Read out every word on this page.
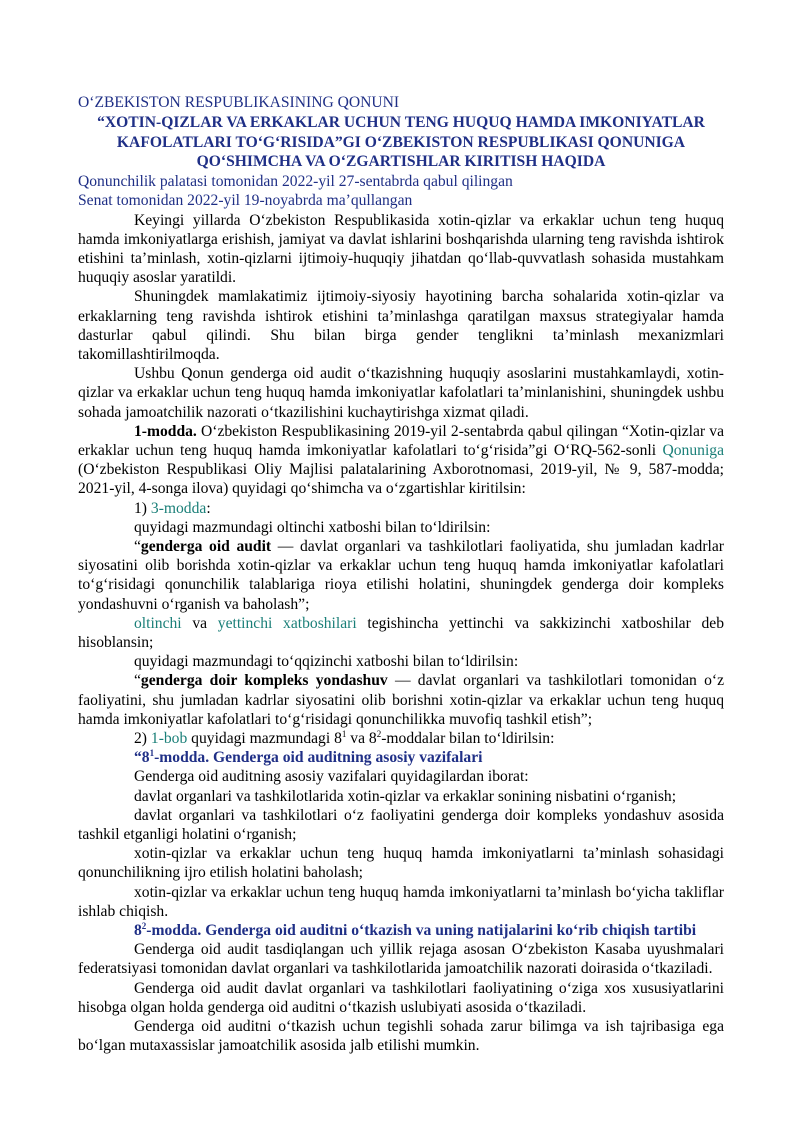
O‘ZBEKISTON RESPUBLIKASINING QONUNI
“XOTIN-QIZLAR VA ERKAKLAR UCHUN TENG HUQUQ HAMDA IMKONIYATLAR KAFOLATLARI TO‘G‘RISIDA”GI O‘ZBEKISTON RESPUBLIKASI QONUNIGA QO‘SHIMCHA VA O‘ZGARTISHLAR KIRITISH HAQIDA
Qonunchilik palatasi tomonidan 2022-yil 27-sentabrda qabul qilingan
Senat tomonidan 2022-yil 19-noyabrda ma’qullangan

Keyingi yillarda O‘zbekiston Respublikasida xotin-qizlar va erkaklar uchun teng huquq hamda imkoniyatlarga erishish, jamiyat va davlat ishlarini boshqarishda ularning teng ravishda ishtirok etishini ta’minlash, xotin-qizlarni ijtimoiy-huquqiy jihatdan qo‘llab-quvvatlash sohasida mustahkam huquqiy asoslar yaratildi.

Shuningdek mamlakatimiz ijtimoiy-siyosiy hayotining barcha sohalarida xotin-qizlar va erkaklarning teng ravishda ishtirok etishini ta’minlashga qaratilgan maxsus strategiyalar hamda dasturlar qabul qilindi. Shu bilan birga gender tenglikni ta’minlash mexanizmlari takomillashtirilmoqda.

Ushbu Qonun genderga oid audit o‘tkazishning huquqiy asoslarini mustahkamlaydi, xotin-qizlar va erkaklar uchun teng huquq hamda imkoniyatlar kafolatlari ta’minlanishini, shuningdek ushbu sohada jamoatchilik nazorati o‘tkazilishini kuchaytirishga xizmat qiladi.

1-modda. O‘zbekiston Respublikasining 2019-yil 2-sentabrda qabul qilingan “Xotin-qizlar va erkaklar uchun teng huquq hamda imkoniyatlar kafolatlari to‘g‘risida”gi O‘RQ-562-sonli Qonuniga (O‘zbekiston Respublikasi Oliy Majlisi palatalarining Axborotnomasi, 2019-yil, № 9, 587-modda; 2021-yil, 4-songa ilova) quyidagi qo‘shimcha va o‘zgartishlar kiritilsin:

1) 3-modda:

quyidagi mazmundagi oltinchi xatboshi bilan to‘ldirilsin:

“genderga oid audit — davlat organlari va tashkilotlari faoliyatida, shu jumladan kadrlar siyosatini olib borishda xotin-qizlar va erkaklar uchun teng huquq hamda imkoniyatlar kafolatlari to‘g‘risidagi qonunchilik talablariga rioya etilishi holatini, shuningdek genderga doir kompleks yondashuvni o‘rganish va baholash”;

oltinchi va yettinchi xatboshilari tegishincha yettinchi va sakkizinchi xatboshilar deb hisoblansin;

quyidagi mazmundagi to‘qqizinchi xatboshi bilan to‘ldirilsin:

“genderga doir kompleks yondashuv — davlat organlari va tashkilotlari tomonidan o‘z faoliyatini, shu jumladan kadrlar siyosatini olib borishni xotin-qizlar va erkaklar uchun teng huquq hamda imkoniyatlar kafolatlari to‘g‘risidagi qonunchilikka muvofiq tashkil etish”;

2) 1-bob quyidagi mazmundagi $8^1$ va $8^2$-moddalar bilan to‘ldirilsin:

“$8^1$-modda. Genderga oid auditning asosiy vazifalari

Genderga oid auditning asosiy vazifalari quyidagilardan iborat:

davlat organlari va tashkilotlarida xotin-qizlar va erkaklar sonining nisbatini o‘rganish;

davlat organlari va tashkilotlari o‘z faoliyatini genderga doir kompleks yondashuv asosida tashkil etganligi holatini o‘rganish;

xotin-qizlar va erkaklar uchun teng huquq hamda imkoniyatlarni ta’minlash sohasidagi qonunchilikning ijro etilish holatini baholash;

xotin-qizlar va erkaklar uchun teng huquq hamda imkoniyatlarni ta’minlash bo‘yicha takliflar ishlab chiqish.

$8^2$-modda. Genderga oid auditni o‘tkazish va uning natijalarini ko‘rib chiqish tartibi

Genderga oid audit tasdiqlangan uch yillik rejaga asosan O‘zbekiston Kasaba uyushmalari federatsiyasi tomonidan davlat organlari va tashkilotlarida jamoatchilik nazorati doirasida o‘tkaziladi.

Genderga oid audit davlat organlari va tashkilotlari faoliyatining o‘ziga xos xususiyatlarini hisobga olgan holda genderga oid auditni o‘tkazish uslubiyati asosida o‘tkaziladi.

Genderga oid auditni o‘tkazish uchun tegishli sohada zarur bilimga va ish tajribasiga ega bo‘lgan mutaxassislar jamoatchilik asosida jalb etilishi mumkin.
